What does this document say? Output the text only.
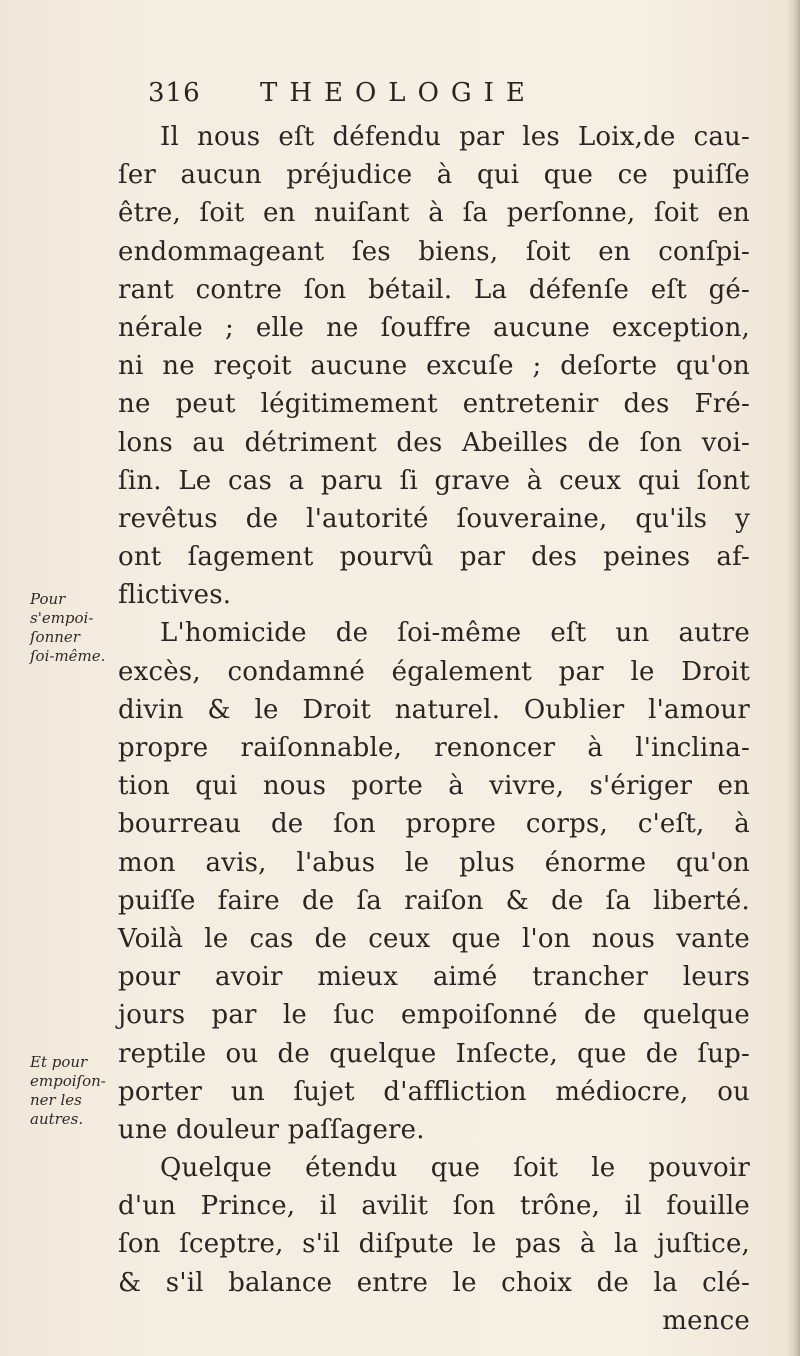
316 THEOLOGIE
Il nous eſt défendu par les Loix,de cau-
ſer aucun préjudice à qui que ce puiſſe
être, ſoit en nuiſant à ſa perſonne, ſoit en
endommageant ſes biens, ſoit en conſpi-
rant contre ſon bétail. La défenſe eſt gé-
nérale ; elle ne ſouffre aucune exception,
ni ne reçoit aucune excuſe ; deſorte qu'on
ne peut légitimement entretenir des Fré-
lons au détriment des Abeilles de ſon voi-
ſin. Le cas a paru ſi grave à ceux qui ſont
revêtus de l'autorité ſouveraine, qu'ils y
ont ſagement pourvû par des peines af-
flictives.
L'homicide de ſoi-même eſt un autre
excès, condamné également par le Droit
divin & le Droit naturel. Oublier l'amour
propre raiſonnable, renoncer à l'inclina-
tion qui nous porte à vivre, s'ériger en
bourreau de ſon propre corps, c'eſt, à
mon avis, l'abus le plus énorme qu'on
puiſſe faire de ſa raiſon & de ſa liberté.
Voilà le cas de ceux que l'on nous vante
pour avoir mieux aimé trancher leurs
jours par le ſuc empoiſonné de quelque
reptile ou de quelque Inſecte, que de ſup-
porter un ſujet d'affliction médiocre, ou
une douleur paſſagere.
Quelque étendu que ſoit le pouvoir
d'un Prince, il avilit ſon trône, il fouille
ſon ſceptre, s'il diſpute le pas à la juſtice,
& s'il balance entre le choix de la clé-
mence
Pour
s'empoi-
ſonner
ſoi-même.
Et pour
empoiſon-
ner les
autres.
